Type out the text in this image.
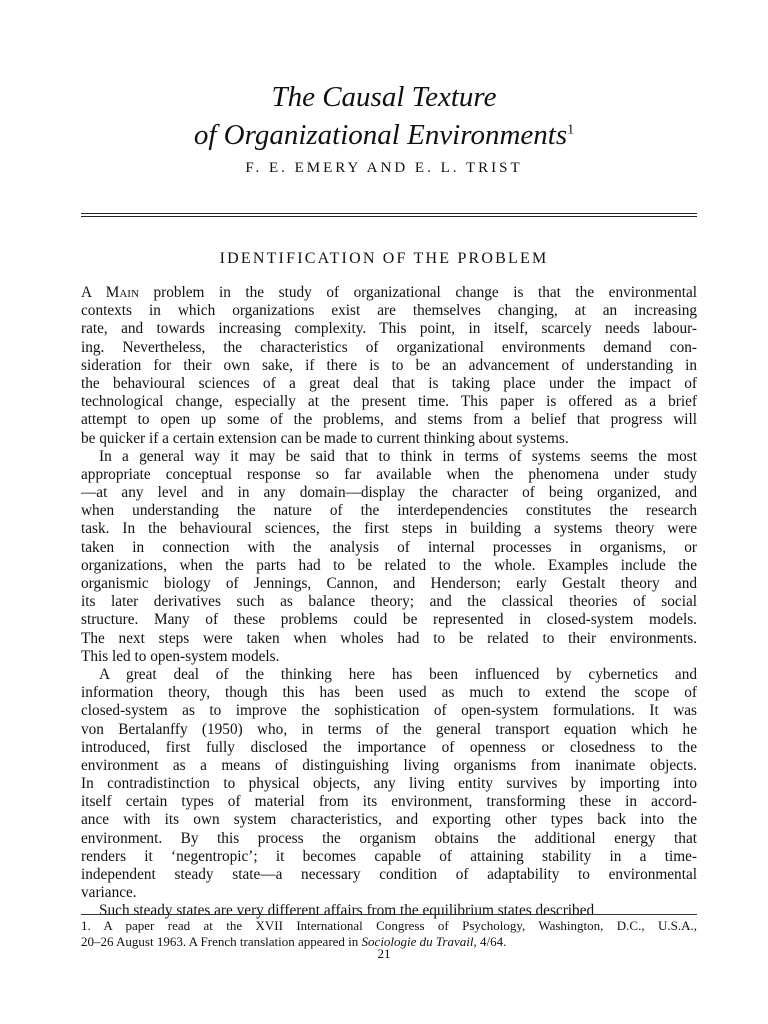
The Causal Texture
of Organizational Environments$^1$
F. E. EMERY AND E. L. TRIST
IDENTIFICATION OF THE PROBLEM
A Main problem in the study of organizational change is that the environmental
contexts in which organizations exist are themselves changing, at an increasing
rate, and towards increasing complexity. This point, in itself, scarcely needs labour-
ing. Nevertheless, the characteristics of organizational environments demand con-
sideration for their own sake, if there is to be an advancement of understanding in
the behavioural sciences of a great deal that is taking place under the impact of
technological change, especially at the present time. This paper is offered as a brief
attempt to open up some of the problems, and stems from a belief that progress will
be quicker if a certain extension can be made to current thinking about systems.
In a general way it may be said that to think in terms of systems seems the most
appropriate conceptual response so far available when the phenomena under study
—at any level and in any domain—display the character of being organized, and
when understanding the nature of the interdependencies constitutes the research
task. In the behavioural sciences, the first steps in building a systems theory were
taken in connection with the analysis of internal processes in organisms, or
organizations, when the parts had to be related to the whole. Examples include the
organismic biology of Jennings, Cannon, and Henderson; early Gestalt theory and
its later derivatives such as balance theory; and the classical theories of social
structure. Many of these problems could be represented in closed-system models.
The next steps were taken when wholes had to be related to their environments.
This led to open-system models.
A great deal of the thinking here has been influenced by cybernetics and
information theory, though this has been used as much to extend the scope of
closed-system as to improve the sophistication of open-system formulations. It was
von Bertalanffy (1950) who, in terms of the general transport equation which he
introduced, first fully disclosed the importance of openness or closedness to the
environment as a means of distinguishing living organisms from inanimate objects.
In contradistinction to physical objects, any living entity survives by importing into
itself certain types of material from its environment, transforming these in accord-
ance with its own system characteristics, and exporting other types back into the
environment. By this process the organism obtains the additional energy that
renders it ‘negentropic’; it becomes capable of attaining stability in a time-
independent steady state—a necessary condition of adaptability to environmental
variance.
Such steady states are very different affairs from the equilibrium states described
1. A paper read at the XVII International Congress of Psychology, Washington, D.C., U.S.A.,
20–26 August 1963. A French translation appeared in Sociologie du Travail, 4/64.
21
